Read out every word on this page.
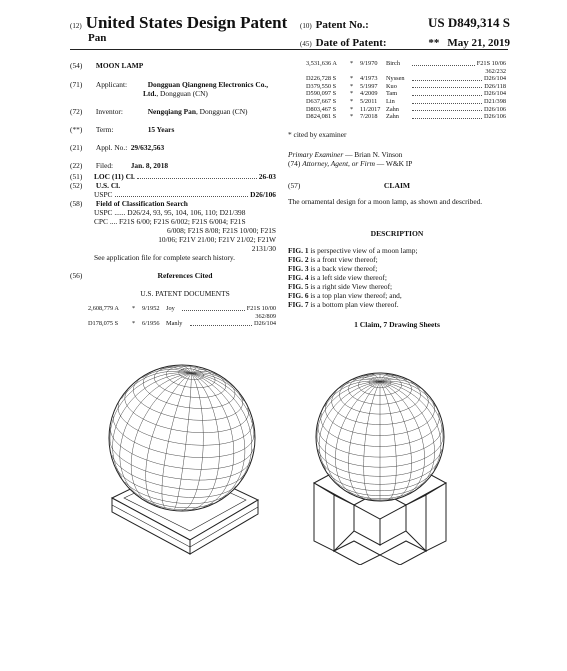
(12) United States Design Patent
Pan
(10) Patent No.:	US D849,314 S
(45) Date of Patent:	** May 21, 2019
(54) MOON LAMP
(71) Applicant:	Dongguan Qiangneng Electronics Co.,
Ltd., Dongguan (CN)
(72) Inventor:	Nengqiang Pan, Dongguan (CN)
(**) Term:	15 Years
(21) Appl. No.: 29/632,563
(22) Filed: Jan. 8, 2018
(51)	LOC (11) Cl.	26-03
(52) U.S. Cl.
USPC	D26/106
(58) Field of Classification Search
USPC ...... D26/24, 93, 95, 104, 106, 110; D21/398
CPC .... F21S 6/00; F21S 6/002; F21S 6/004; F21S
6/008; F21S 8/08; F21S 10/00; F21S
10/06; F21V 21/00; F21V 21/02; F21W
2131/30
See application file for complete search history.
(56)	References Cited
U.S. PATENT DOCUMENTS
2,608,779 A	*	9/1952	Joy	F21S 10/00
362/809
D178,075 S	*	6/1956	Manly	D26/104
3,531,636 A	*	9/1970	Birch	F21S 10/06
362/232
D226,728 S	*	4/1973	Nyssen	D26/104
D379,550 S	*	5/1997	Kuo	D26/118
D590,097 S	*	4/2009	Tam	D26/104
D637,667 S	*	5/2011	Lin	D21/398
D803,467 S	*	11/2017 Zahn	D26/106
D824,081 S	*	7/2018	Zahn	D26/106
* cited by examiner
Primary Examiner — Brian N. Vinson
(74) Attorney, Agent, or Firm — W&K IP
(57)	CLAIM
The ornamental design for a moon lamp, as shown and described.
DESCRIPTION
FIG. 1 is perspective view of a moon lamp;
FIG. 2 is a front view thereof;
FIG. 3 is a back view thereof;
FIG. 4 is a left side view thereof;
FIG. 5 is a right side View thereof;
FIG. 6 is a top plan view thereof; and,
FIG. 7 is a bottom plan view thereof.
1 Claim, 7 Drawing Sheets
